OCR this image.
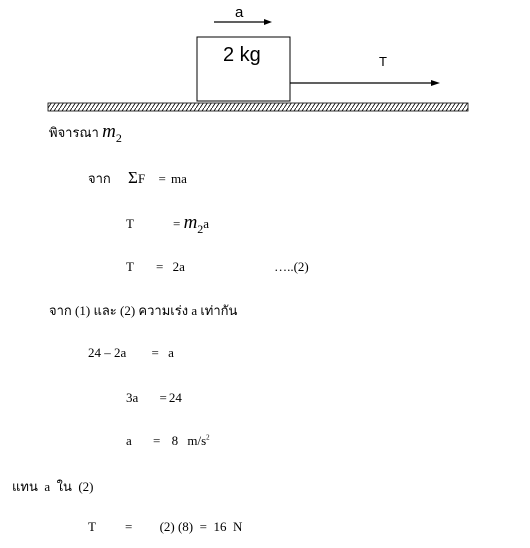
a
2 kg	T
พิจารณา $m_2$
จาก ΣF = ma
T	= $m_2a$
T = 2a	…..(2)
จาก (1) และ (2) ความเร่ง a เท่ากัน
24 – 2a = a
3a = 24
a = 8 $m/s^2$
แทน  a  ใน  (2)
T = (2) (8)  =  16  N
